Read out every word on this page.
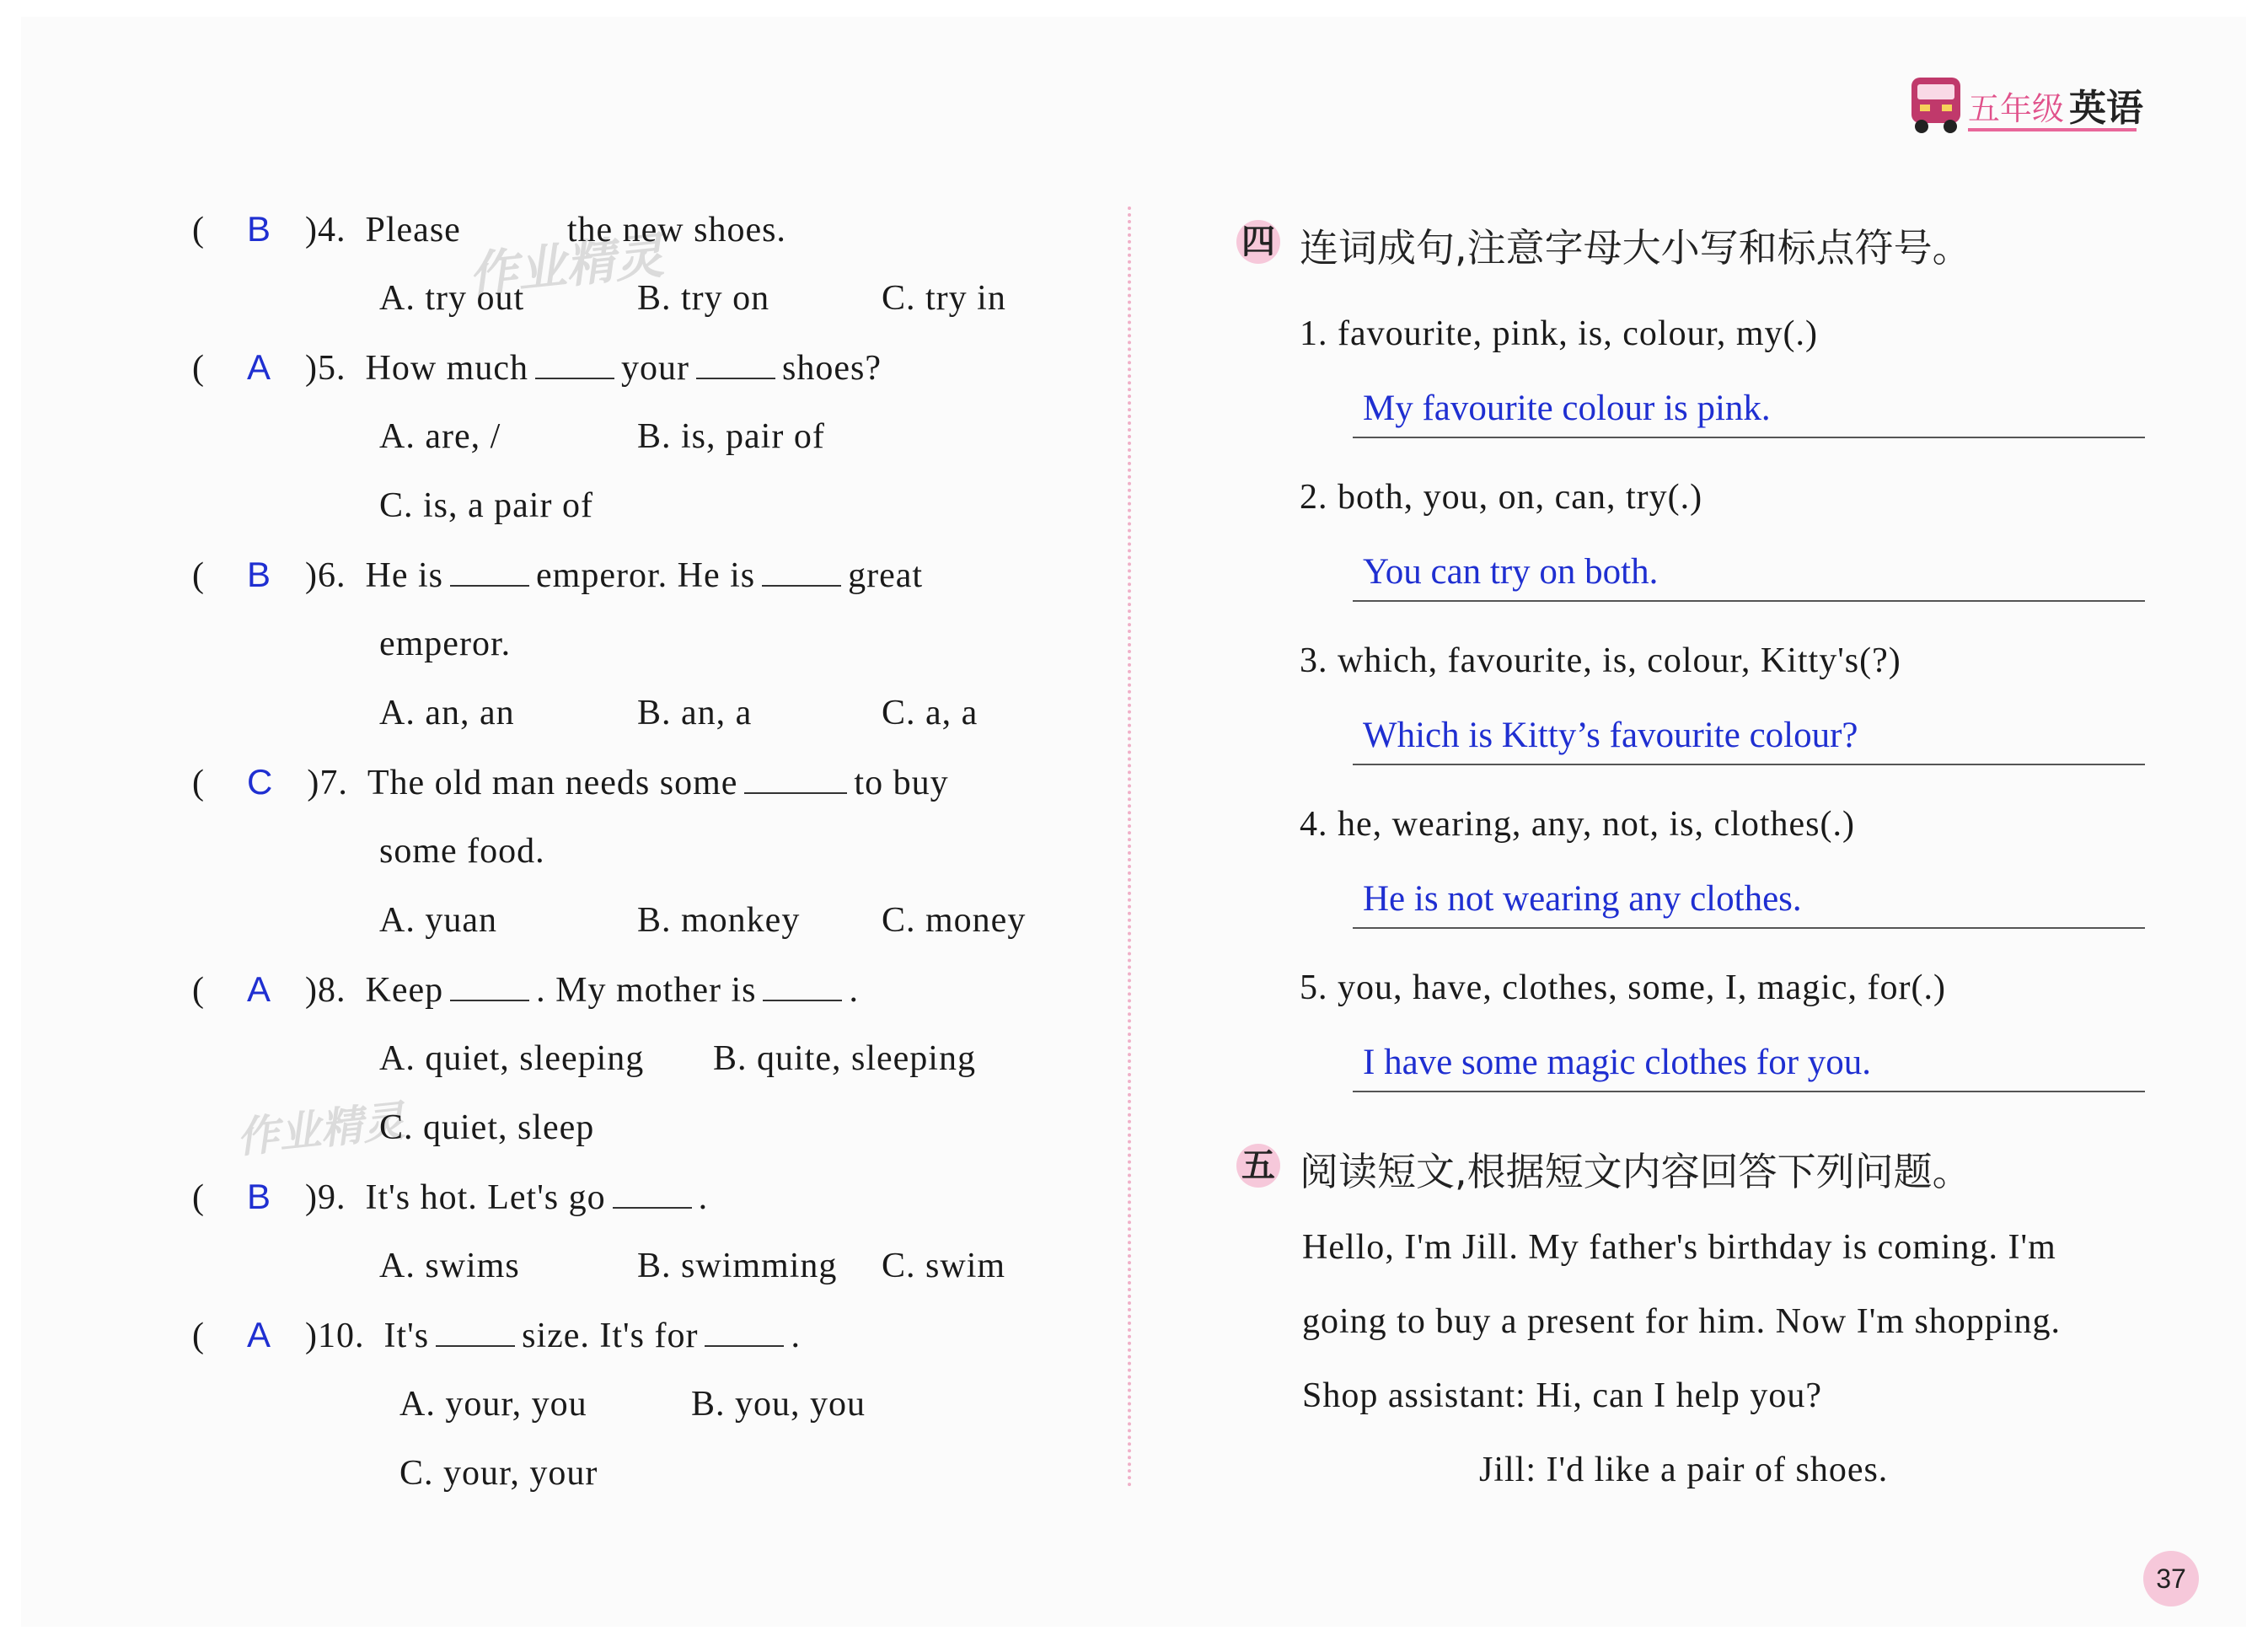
五年级 英语
作业精灵
作业精灵
( B )4. Please	the new shoes.
A. try out	B. try on	C. try in
( A )5. How much	your	shoes?
A. are, /	B. is, pair of
C. is, a pair of
( B )6. He is	emperor. He is	great
emperor.
A. an, an	B. an, a	C. a, a
( C )7. The old man needs some	to buy
some food.
A. yuan	B. monkey C. money
( A )8. Keep	. My mother is	.
A. quiet, sleeping B. quite, sleeping
C. quiet, sleep
( B )9. It's hot. Let's go	.
A. swims	B. swimming C. swim
( A )10. It's	size. It's for	.
A. your, you	B. you, you
C. your, your
四 连词成句,注意字母大小写和标点符号。
1. favourite, pink, is, colour, my(.)
My favourite colour is pink.
2. both, you, on, can, try(.)
You can try on both.
3. which, favourite, is, colour, Kitty's(?)
Which is Kitty’s favourite colour?
4. he, wearing, any, not, is, clothes(.)
He is not wearing any clothes.
5. you, have, clothes, some, I, magic, for(.)
I have some magic clothes for you.
五 阅读短文,根据短文内容回答下列问题。
Hello, I'm Jill. My father's birthday is coming. I'm
going to buy a present for him. Now I'm shopping.
Shop assistant: Hi, can I help you?
Jill: I'd like a pair of shoes.
37
